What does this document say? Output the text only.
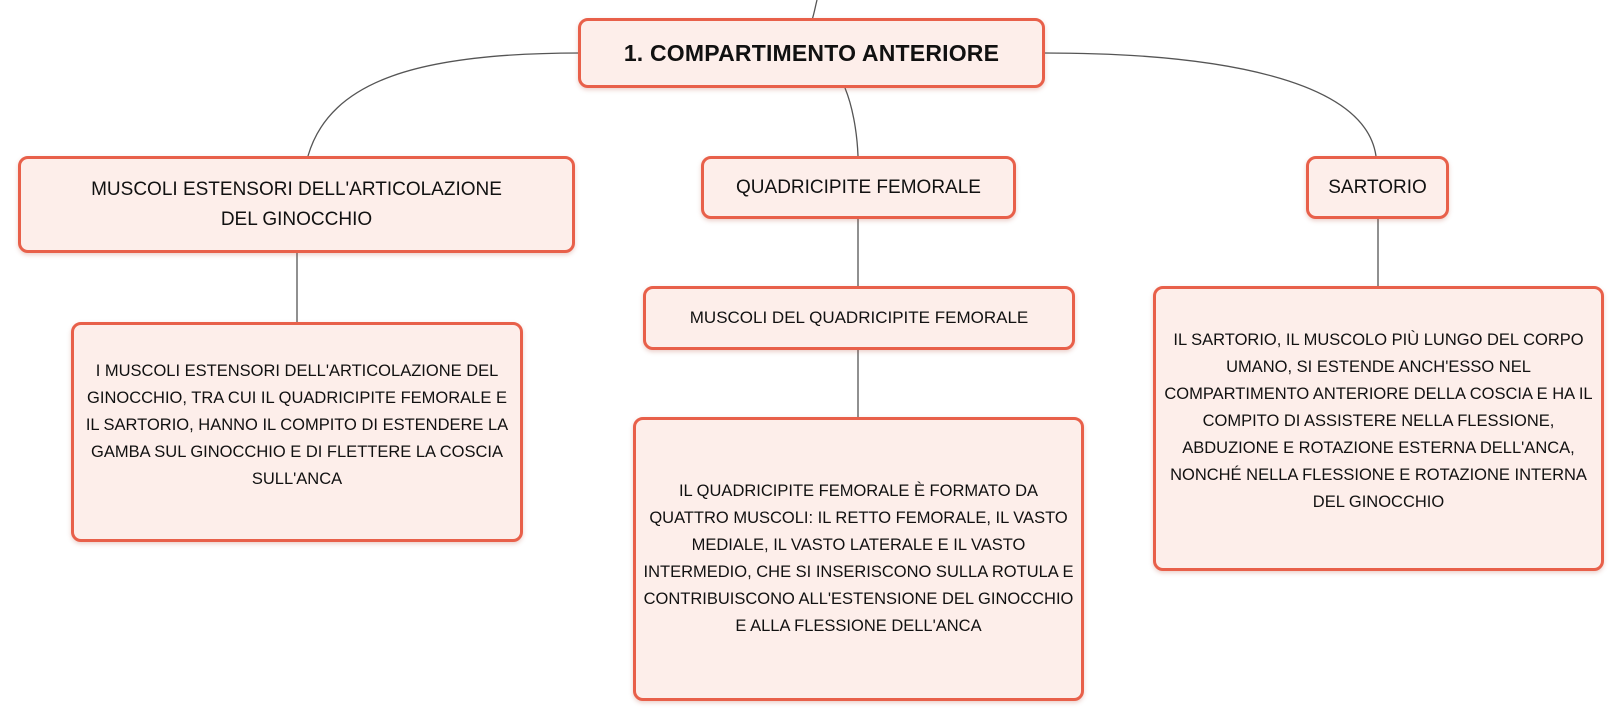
1. COMPARTIMENTO ANTERIORE
MUSCOLI ESTENSORI DELL'ARTICOLAZIONE DEL GINOCCHIO
QUADRICIPITE FEMORALE	SARTORIO
I MUSCOLI ESTENSORI DELL'ARTICOLAZIONE DEL GINOCCHIO, TRA CUI IL QUADRICIPITE FEMORALE E IL SARTORIO, HANNO IL COMPITO DI ESTENDERE LA GAMBA SUL GINOCCHIO E DI FLETTERE LA COSCIA SULL'ANCA
MUSCOLI DEL QUADRICIPITE FEMORALE
IL QUADRICIPITE FEMORALE È FORMATO DA QUATTRO MUSCOLI: IL RETTO FEMORALE, IL VASTO MEDIALE, IL VASTO LATERALE E IL VASTO INTERMEDIO, CHE SI INSERISCONO SULLA ROTULA E CONTRIBUISCONO ALL'ESTENSIONE DEL GINOCCHIO E ALLA FLESSIONE DELL'ANCA
IL SARTORIO, IL MUSCOLO PIÙ LUNGO DEL CORPO UMANO, SI ESTENDE ANCH'ESSO NEL COMPARTIMENTO ANTERIORE DELLA COSCIA E HA IL COMPITO DI ASSISTERE NELLA FLESSIONE, ABDUZIONE E ROTAZIONE ESTERNA DELL'ANCA, NONCHÉ NELLA FLESSIONE E ROTAZIONE INTERNA DEL GINOCCHIO
